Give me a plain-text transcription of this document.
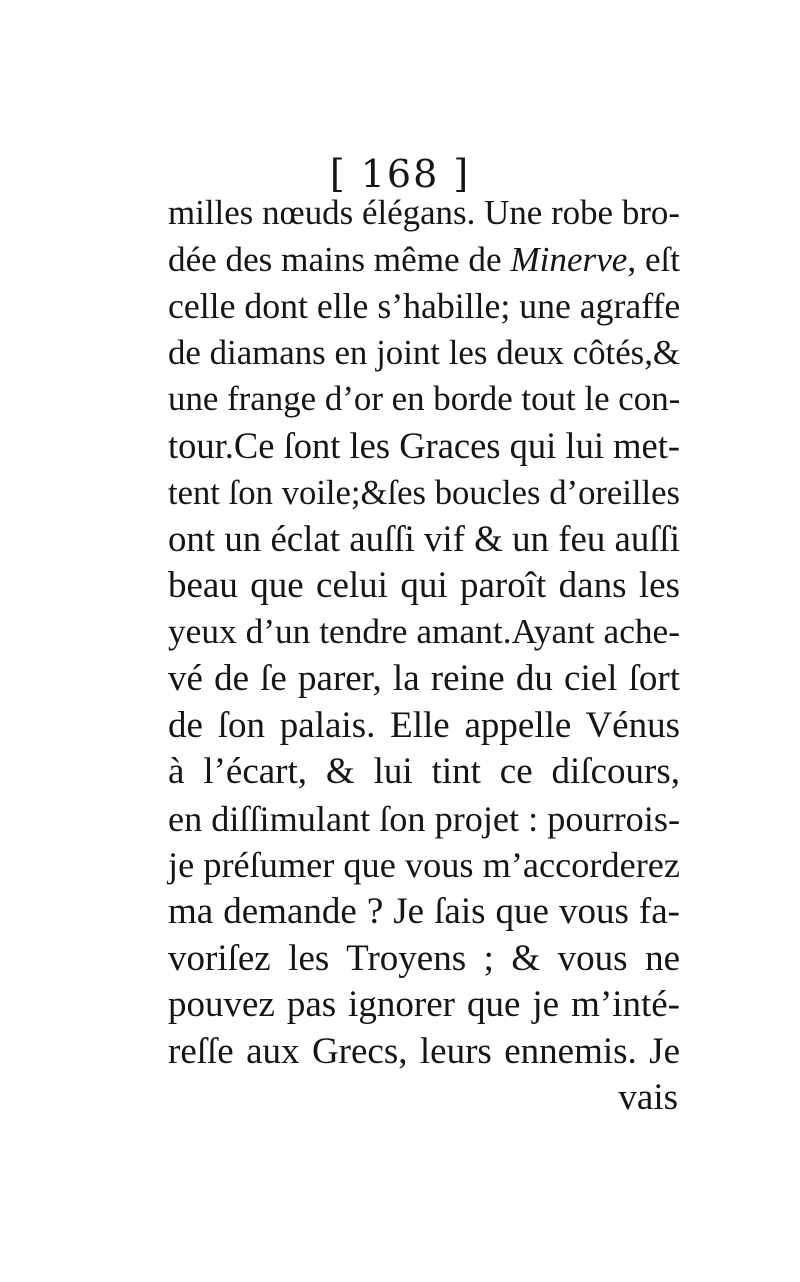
[ 168 ]
milles nœuds élégans. Une robe bro-
dée des mains même de Minerve, eſt
celle dont elle s’habille; une agraffe
de diamans en joint les deux côtés,&
une frange d’or en borde tout le con-
tour.Ce ſont les Graces qui lui met-
tent ſon voile;&ſes boucles d’oreilles
ont un éclat auſſi vif & un feu auſſi
beau que celui qui paroît dans les
yeux d’un tendre amant.Ayant ache-
vé de ſe parer, la reine du ciel ſort
de ſon palais. Elle appelle Vénus
à l’écart, & lui tint ce diſcours,
en diſſimulant ſon projet : pourrois-
je préſumer que vous m’accorderez
ma demande ? Je ſais que vous fa-
voriſez les Troyens ; & vous ne
pouvez pas ignorer que je m’inté-
reſſe aux Grecs, leurs ennemis. Je
vais
